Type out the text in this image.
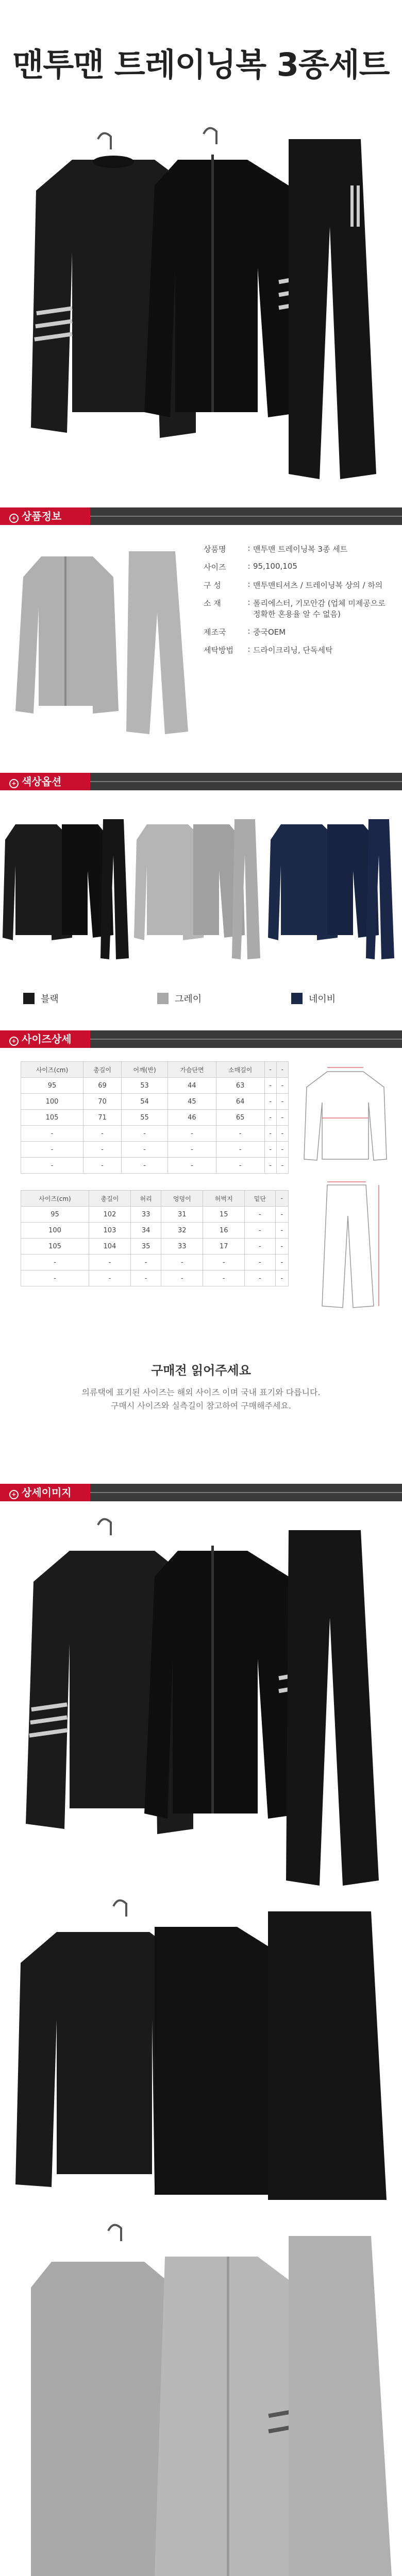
맨투맨 트레이닝복 3종세트
+ 상품정보
상품명	: 맨투맨 트레이닝복 3종 세트
사이즈	: 95,100,105
구 성	: 맨투맨티셔츠 / 트레이닝복 상의 / 하의
소 재	: 폴리에스터, 기모안감 (업체 미제공으로 정확한 혼용율 알 수 없음)
제조국	: 중국OEM
세탁방법	: 드라이크리닝, 단독세탁
+ 색상옵션
블랙	그레이	네이비
+ 사이즈상세
사이즈(cm)	총길이	어깨(반)	가슴단면	소매길이	-	-
95	69	53	44	63	-	-
100	70	54	45	64	-	-
105	71	55	46	65	-	-
-	-	-	-	-	-	-
-	-	-	-	-	-	-
-	-	-	-	-	-	-
사이즈(cm)	총길이	허리	엉덩이	허벅지	밑단	-
95	102	33	31	15	-	-
100	103	34	32	16	-	-
105	104	35	33	17	-	-
-	-	-	-	-	-	-
-	-	-	-	-	-	-
구매전 읽어주세요
의류택에 표기된 사이즈는 해외 사이즈 이며 국내 표기와 다릅니다.
구매시 사이즈와 실측길이 참고하여 구매해주세요.
+ 상세이미지
